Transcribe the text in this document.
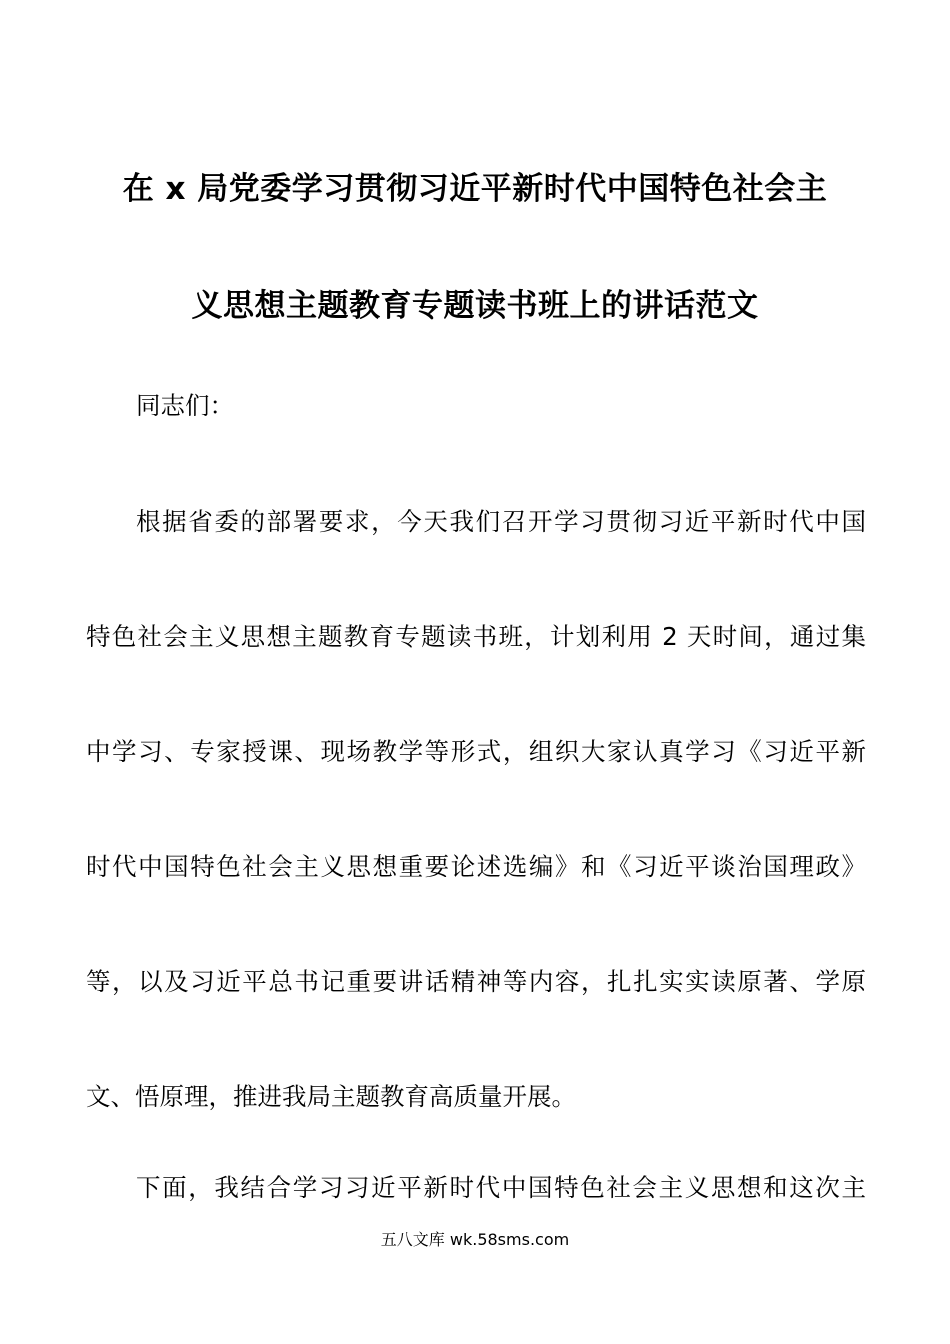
在 x 局党委学习贯彻习近平新时代中国特色社会主
义思想主题教育专题读书班上的讲话范文
同志们：
根据省委的部署要求，今天我们召开学习贯彻习近平新时代中国
特色社会主义思想主题教育专题读书班，计划利用 2 天时间，通过集
中学习、专家授课、现场教学等形式，组织大家认真学习《习近平新
时代中国特色社会主义思想重要论述选编》和《习近平谈治国理政》
等，以及习近平总书记重要讲话精神等内容，扎扎实实读原著、学原
文、悟原理，推进我局主题教育高质量开展。
下面，我结合学习习近平新时代中国特色社会主义思想和这次主
五八文库 wk.58sms.com
